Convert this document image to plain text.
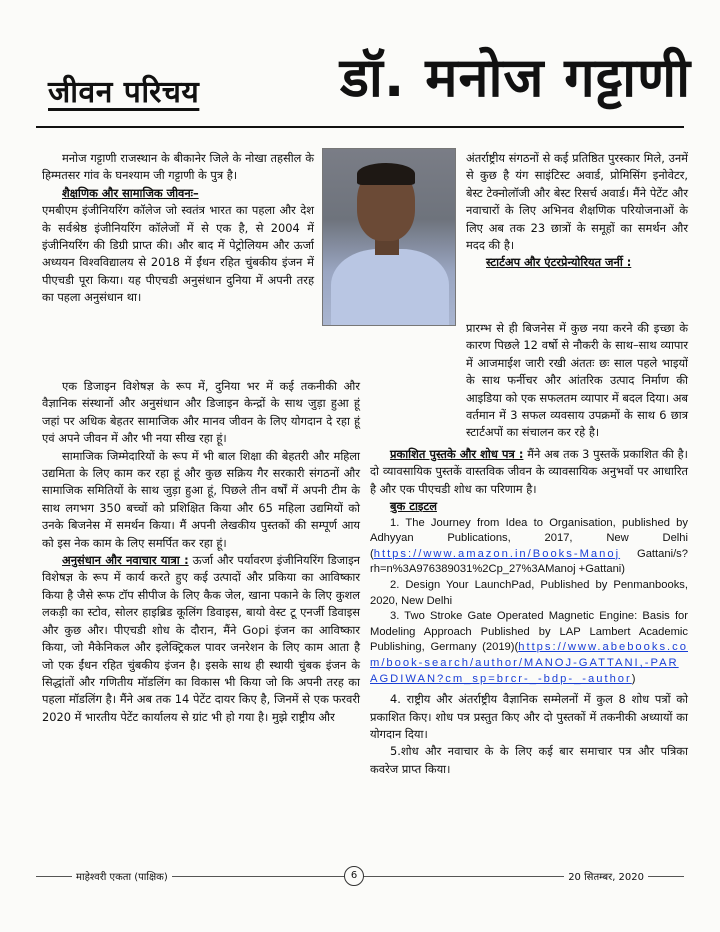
जीवन परिचय	डॉ. मनोज गट्टाणी

मनोज गट्टाणी राजस्थान के बीकानेर जिले के नोखा तहसील के हिम्मतसर गांव के घनश्याम जी गट्टाणी के पुत्र है।

शैक्षणिक और सामाजिक जीवनः–

एमबीएम इंजीनियरिंग कॉलेज जो स्वतंत्र भारत का पहला और देश के सर्वश्रेष्ठ इंजीनियरिंग कॉलेजों में से एक है, से 2004 में इंजीनियरिंग की डिग्री प्राप्त की। और बाद में पेट्रोलियम और ऊर्जा अध्ययन विश्वविद्यालय से 2018 में ईंधन रहित चुंबकीय इंजन में पीएचडी पूरा किया। यह पीएचडी अनुसंधान दुनिया में अपनी तरह का पहला अनुसंधान था।

एक डिजाइन विशेषज्ञ के रूप में, दुनिया भर में कई तकनीकी और वैज्ञानिक संस्थानों और अनुसंधान और डिजाइन केन्द्रों के साथ जुड़ा हुआ हूं जहां पर अधिक बेहतर सामाजिक और मानव जीवन के लिए योगदान दे रहा हूं एवं अपने जीवन में और भी नया सीख रहा हूं।

सामाजिक जिम्मेदारियों के रूप में भी बाल शिक्षा की बेहतरी और महिला उद्यमिता के लिए काम कर रहा हूं और कुछ सक्रिय गैर सरकारी संगठनों और सामाजिक समितियों के साथ जुड़ा हुआ हूं, पिछले तीन वर्षों में अपनी टीम के साथ लगभग 350 बच्चों को प्रशिक्षित किया और 65 महिला उद्यमियों को उनके बिजनेस में समर्थन किया। मैं अपनी लेखकीय पुस्तकों की सम्पूर्ण आय को इस नेक काम के लिए समर्पित कर रहा हूं।

अनुसंधान और नवाचार यात्रा : ऊर्जा और पर्यावरण इंजीनियरिंग डिजाइन विशेषज्ञ के रूप में कार्य करते हुए कई उत्पादों और प्रकिया का आविष्कार किया है जैसे रूफ टॉप सीपीज के लिए कैक जेल, खाना पकाने के लिए कुशल लकड़ी का स्टोव, सोलर हाइब्रिड कूलिंग डिवाइस, बायो वेस्ट टू एनर्जी डिवाइस और कुछ और। पीएचडी शोध के दौरान, मैंने Gopi इंजन का आविष्कार किया, जो मैकेनिकल और इलेक्ट्रिकल पावर जनरेशन के लिए काम आता है जो एक ईंधन रहित चुंबकीय इंजन है। इसके साथ ही स्थायी चुंबक इंजन के सिद्धांतों और गणितीय मॉडलिंग का विकास भी किया जो कि अपनी तरह का पहला मॉडलिंग है। मैंने अब तक 14 पेटेंट दायर किए है, जिनमें से एक फरवरी 2020 में भारतीय पेटेंट कार्यालय से ग्रांट भी हो गया है। मुझे राष्ट्रीय और

अंतर्राष्ट्रीय संगठनों से कई प्रतिष्ठित पुरस्कार मिले, उनमें से कुछ है यंग साइंटिस्ट अवार्ड, प्रोमिसिंग इनोवेटर, बेस्ट टेक्नोलॉजी और बेस्ट रिसर्च अवार्ड। मैंने पेटेंट और नवाचारों के लिए अभिनव शैक्षणिक परियोजनाओं के लिए अब तक 23 छात्रों के समूहों का समर्थन और मदद की है।

स्टार्टअप और एंटरप्रेन्योरियत जर्नी :

प्रारम्भ से ही बिजनेस में कुछ नया करने की इच्छा के कारण पिछले 12 वर्षो से नौकरी के साथ–साथ व्यापार में आजमाईश जारी रखी अंततः छः साल पहले भाइयों के साथ फर्नीचर और आंतरिक उत्पाद निर्माण की आइडिया को एक सफलतम व्यापार में बदल दिया। अब वर्तमान में 3 सफल व्यवसाय उपक्रमों के साथ 6 छात्र स्टार्टअपों का संचालन कर रहे है।

प्रकाशित पुस्तके और शोध पत्र : मैंने अब तक 3 पुस्तकें प्रकाशित की है। दो व्यावसायिक पुस्तकें वास्तविक जीवन के व्यावसायिक अनुभवों पर आधारित है और एक पीएचडी शोध का परिणाम है।

बुक टाइटल

1. The Journey from Idea to Organisation, published by Adhyyan Publications, 2017, New Delhi (https://www.amazon.in/Books-Manoj Gattani/s?rh=n%3A976389031%2Cp_27%3AManoj +Gattani)

2. Design Your LaunchPad, Published by Penmanbooks, 2020, New Delhi

3. Two Stroke Gate Operated Magnetic Engine: Basis for Modeling Approach Published by LAP Lambert Academic Publishing, Germany (2019)(https://www.abebooks.com/book-search/author/MANOJ-GATTANI,-PARAGDIWAN?cm_sp=brcr-_-bdp-_-author)

4. राष्ट्रीय और अंतर्राष्ट्रीय वैज्ञानिक सम्मेलनों में कुल 8 शोध पत्रों को प्रकाशित किए। शोध पत्र प्रस्तुत किए और दो पुस्तकों में तकनीकी अध्यायों का योगदान दिया।

5.शोध और नवाचार के के लिए कई बार समाचार पत्र और पत्रिका कवरेज प्राप्त किया।

माहेश्वरी एकता (पाक्षिक)	6	20 सितम्बर, 2020
